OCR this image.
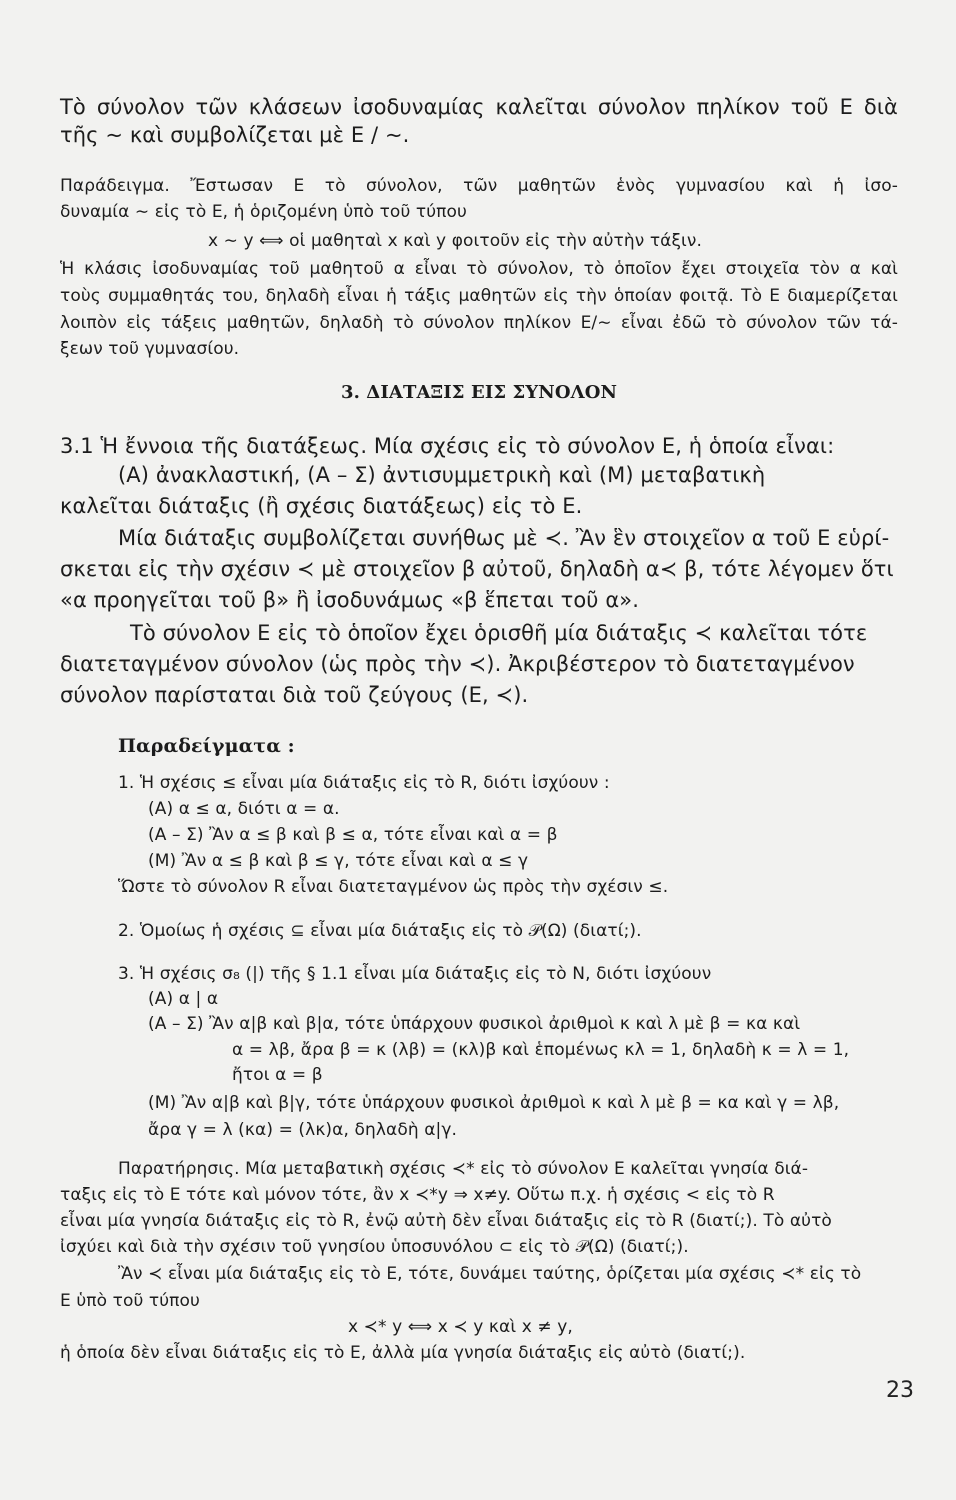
Τὸ σύνολον τῶν κλάσεων ἰσοδυναμίας καλεῖται σύνολον πηλίκον τοῦ Ε διὰ
τῆς ∼ καὶ συμβολίζεται μὲ Ε / ∼.
Παράδειγμα. Ἔστωσαν Ε τὸ σύνολον, τῶν μαθητῶν ἑνὸς γυμνασίου καὶ ἡ ἰσο-
δυναμία ∼ εἰς τὸ Ε, ἡ ὁριζομένη ὑπὸ τοῦ τύπου
x ∼ y ⟺ οἱ μαθηταὶ x καὶ y φοιτοῦν εἰς τὴν αὐτὴν τάξιν.
Ἡ κλάσις ἰσοδυναμίας τοῦ μαθητοῦ α εἶναι τὸ σύνολον, τὸ ὁποῖον ἔχει στοιχεῖα τὸν α καὶ
τοὺς συμμαθητάς του, δηλαδὴ εἶναι ἡ τάξις μαθητῶν εἰς τὴν ὁποίαν φοιτᾷ. Τὸ Ε διαμερίζεται
λοιπὸν εἰς τάξεις μαθητῶν, δηλαδὴ τὸ σύνολον πηλίκον Ε/∼ εἶναι ἐδῶ τὸ σύνολον τῶν τά-
ξεων τοῦ γυμνασίου.
3. ΔΙΑΤΑΞΙΣ ΕΙΣ ΣΥΝΟΛΟΝ
3.1 Ἡ ἔννοια τῆς διατάξεως. Μία σχέσις εἰς τὸ σύνολον Ε, ἡ ὁποία εἶναι:
(Α) ἀνακλαστική, (Α – Σ) ἀντισυμμετρικὴ καὶ (Μ) μεταβατικὴ
καλεῖται διάταξις (ἢ σχέσις διατάξεως) εἰς τὸ Ε.
Μία διάταξις συμβολίζεται συνήθως μὲ ≺. Ἂν ἓν στοιχεῖον α τοῦ Ε εὑρί-
σκεται εἰς τὴν σχέσιν ≺ μὲ στοιχεῖον β αὐτοῦ, δηλαδὴ α≺ β, τότε λέγομεν ὅτι
«α προηγεῖται τοῦ β» ἢ ἰσοδυνάμως «β ἕπεται τοῦ α».
Τὸ σύνολον Ε εἰς τὸ ὁποῖον ἔχει ὁρισθῆ μία διάταξις ≺ καλεῖται τότε
διατεταγμένον σύνολον (ὡς πρὸς τὴν ≺). Ἀκριβέστερον τὸ διατεταγμένον
σύνολον παρίσταται διὰ τοῦ ζεύγους (Ε, ≺).
Παραδείγματα :
1. Ἡ σχέσις ≤ εἶναι μία διάταξις εἰς τὸ R, διότι ἰσχύουν :
(Α) α ≤ α, διότι α = α.
(Α – Σ) Ἂν α ≤ β καὶ β ≤ α, τότε εἶναι καὶ α = β
(Μ) Ἂν α ≤ β καὶ β ≤ γ, τότε εἶναι καὶ α ≤ γ
Ὥστε τὸ σύνολον R εἶναι διατεταγμένον ὡς πρὸς τὴν σχέσιν ≤.
2. Ὁμοίως ἡ σχέσις ⊆ εἶναι μία διάταξις εἰς τὸ 𝒫(Ω) (διατί;).
3. Ἡ σχέσις σ₈ (|) τῆς § 1.1 εἶναι μία διάταξις εἰς τὸ N, διότι ἰσχύουν
(Α) α | α
(Α – Σ) Ἂν α|β καὶ β|α, τότε ὑπάρχουν φυσικοὶ ἀριθμοὶ κ καὶ λ μὲ β = κα καὶ
α = λβ, ἄρα β = κ (λβ) = (κλ)β καὶ ἑπομένως κλ = 1, δηλαδὴ κ = λ = 1,
ἤτοι α = β
(Μ) Ἂν α|β καὶ β|γ, τότε ὑπάρχουν φυσικοὶ ἀριθμοὶ κ καὶ λ μὲ β = κα καὶ γ = λβ,
ἄρα γ = λ (κα) = (λκ)α, δηλαδὴ α|γ.
Παρατήρησις. Μία μεταβατικὴ σχέσις ≺* εἰς τὸ σύνολον Ε καλεῖται γνησία διά-
ταξις εἰς τὸ Ε τότε καὶ μόνον τότε, ἂν x ≺*y ⇒ x≠y. Οὕτω π.χ. ἡ σχέσις < εἰς τὸ R
εἶναι μία γνησία διάταξις εἰς τὸ R, ἐνῷ αὐτὴ δὲν εἶναι διάταξις εἰς τὸ R (διατί;). Τὸ αὐτὸ
ἰσχύει καὶ διὰ τὴν σχέσιν τοῦ γνησίου ὑποσυνόλου ⊂ εἰς τὸ 𝒫(Ω) (διατί;).
Ἂν ≺ εἶναι μία διάταξις εἰς τὸ Ε, τότε, δυνάμει ταύτης, ὁρίζεται μία σχέσις ≺* εἰς τὸ
Ε ὑπὸ τοῦ τύπου
x ≺* y ⟺ x ≺ y καὶ x ≠ y,
ἡ ὁποία δὲν εἶναι διάταξις εἰς τὸ Ε, ἀλλὰ μία γνησία διάταξις εἰς αὐτὸ (διατί;).
23
